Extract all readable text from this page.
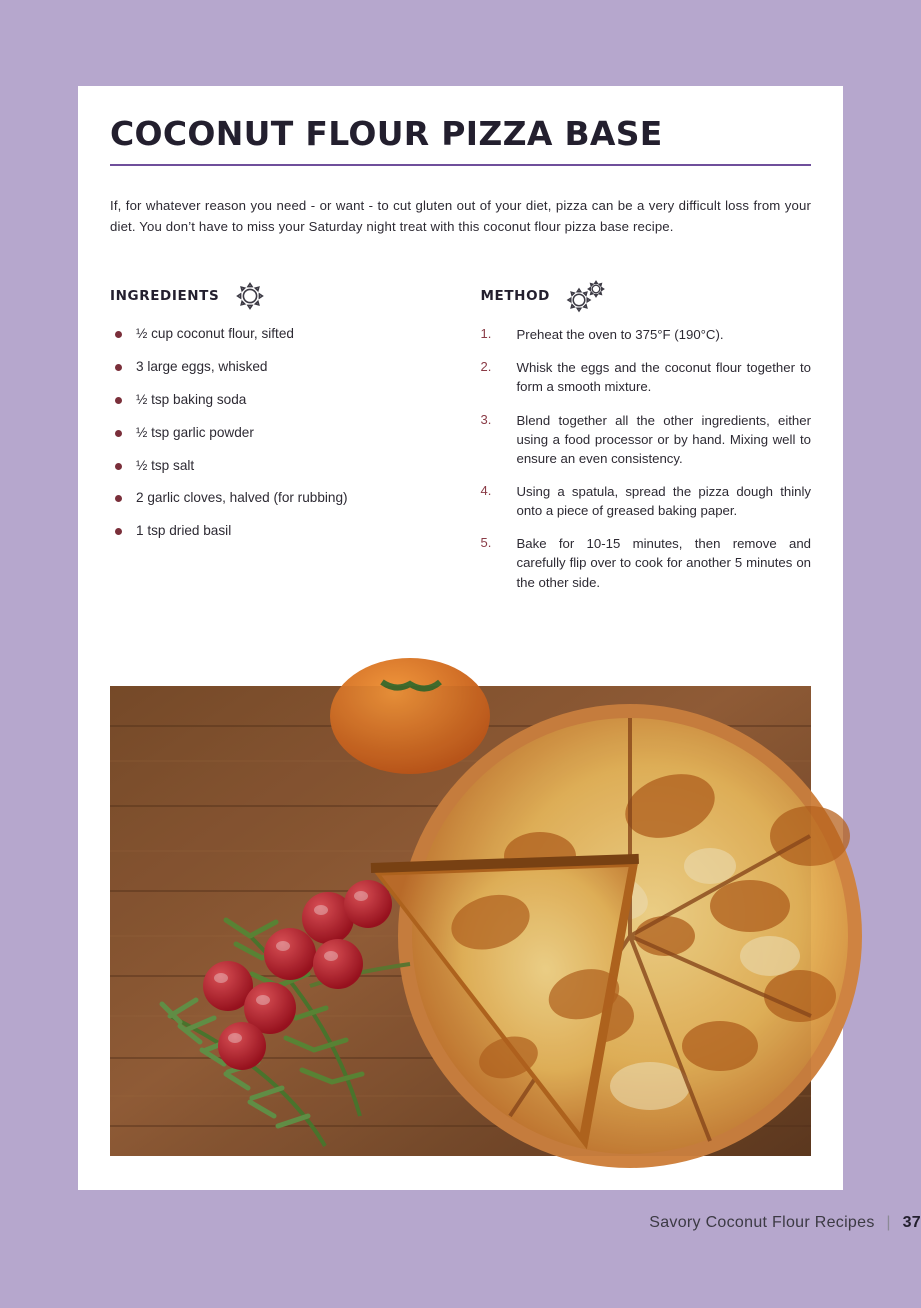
COCONUT FLOUR PIZZA BASE

If, for whatever reason you need - or want - to cut gluten out of your diet, pizza can be a very difficult loss from your diet. You don’t have to miss your Saturday night treat with this coconut flour pizza base recipe.

INGREDIENTS
½ cup coconut flour, sifted
3 large eggs, whisked
½ tsp baking soda
½ tsp garlic powder
½ tsp salt
2 garlic cloves, halved (for rubbing)
1 tsp dried basil
METHOD
1. Preheat the oven to 375°F (190°C).
2. Whisk the eggs and the coconut flour together to form a smooth mixture.
3. Blend together all the other ingredients, either using a food processor or by hand. Mixing well to ensure an even consistency.
4. Using a spatula, spread the pizza dough thinly onto a piece of greased baking paper.
5. Bake for 10-15 minutes, then remove and carefully flip over to cook for another 5 minutes on the other side.
Savory Coconut Flour Recipes | 37
